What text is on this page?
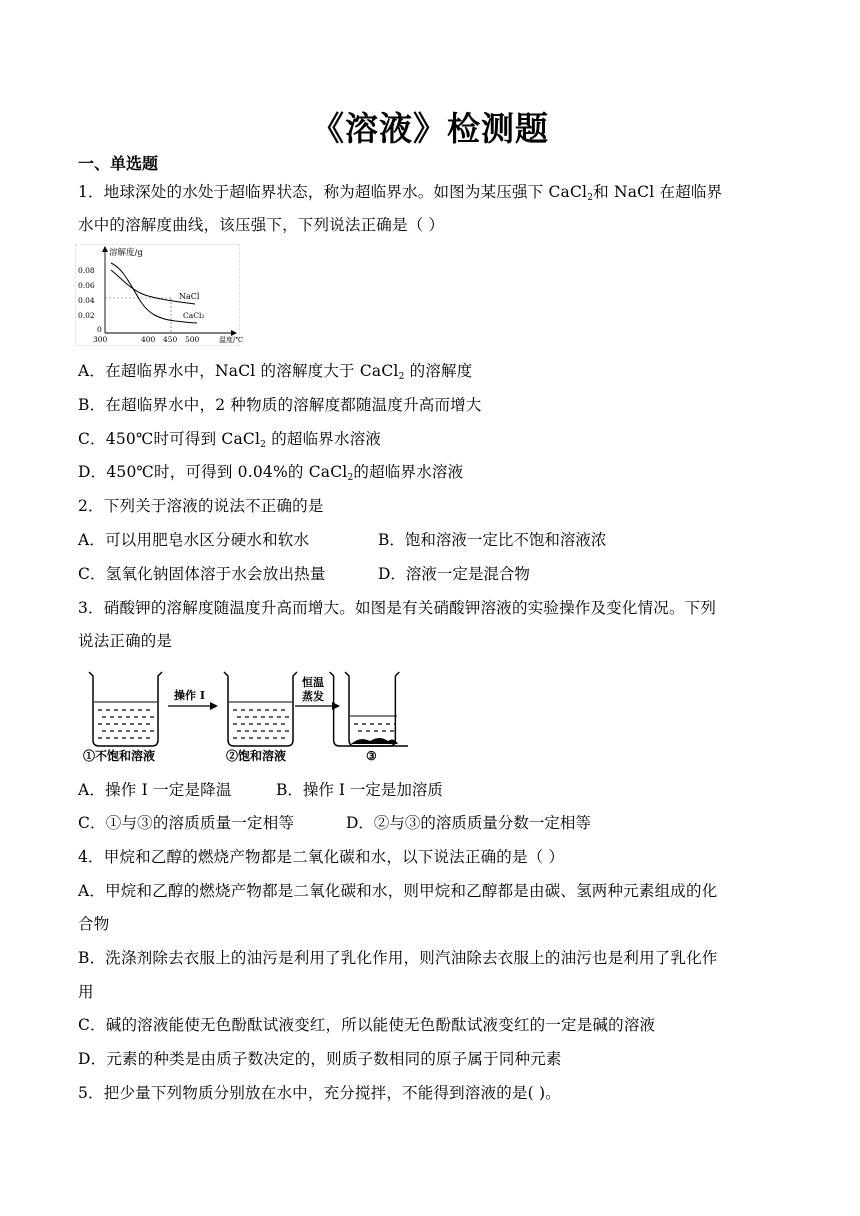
《溶液》检测题
一、单选题
1．地球深处的水处于超临界状态，称为超临界水。如图为某压强下 CaCl$_2$和 NaCl 在超临界
水中的溶解度曲线，该压强下，下列说法正确是（ ）
溶解度/g
温度/℃
0.08
0.06
0.04
0.02
0
300	400 450 500
NaCl
CaCl₂
A．在超临界水中，NaCl 的溶解度大于 CaCl$_2$ 的溶解度
B．在超临界水中，2 种物质的溶解度都随温度升高而增大
C．450℃时可得到 CaCl$_2$ 的超临界水溶液
D．450℃时，可得到 0.04%的 CaCl$_2$的超临界水溶液
2．下列关于溶液的说法不正确的是
A．可以用肥皂水区分硬水和软水	B．饱和溶液一定比不饱和溶液浓
C．氢氧化钠固体溶于水会放出热量	D．溶液一定是混合物
3．硝酸钾的溶解度随温度升高而增大。如图是有关硝酸钾溶液的实验操作及变化情况。下列
说法正确的是
①不饱和溶液
操作 I
②饱和溶液
恒温
蒸发
③
A．操作 I 一定是降温	B．操作 I 一定是加溶质
C．①与③的溶质质量一定相等	D．②与③的溶质质量分数一定相等
4．甲烷和乙醇的燃烧产物都是二氧化碳和水，以下说法正确的是（ ）
A．甲烷和乙醇的燃烧产物都是二氧化碳和水，则甲烷和乙醇都是由碳、氢两种元素组成的化
合物
B．洗涤剂除去衣服上的油污是利用了乳化作用，则汽油除去衣服上的油污也是利用了乳化作
用
C．碱的溶液能使无色酚酞试液变红，所以能使无色酚酞试液变红的一定是碱的溶液
D．元素的种类是由质子数决定的，则质子数相同的原子属于同种元素
5．把少量下列物质分别放在水中，充分搅拌，不能得到溶液的是( )。
